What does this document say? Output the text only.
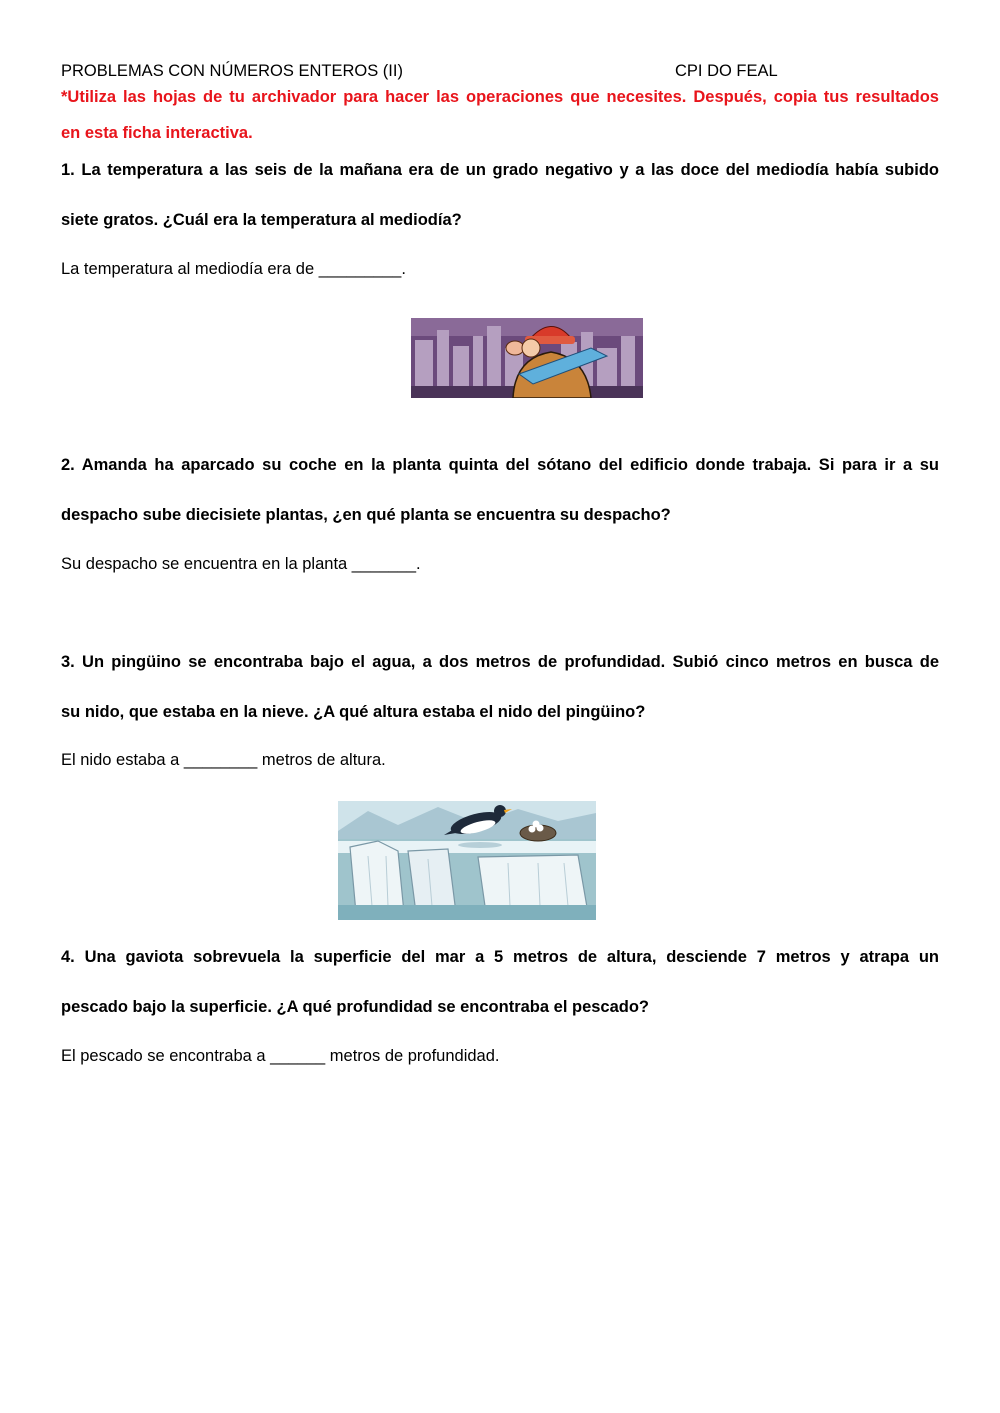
PROBLEMAS CON NÚMEROS ENTEROS (II)	CPI DO FEAL
*Utiliza las hojas de tu archivador para hacer las operaciones que necesites. Después, copia tus resultados
en esta ficha interactiva.
1. La temperatura a las seis de la mañana era de un grado negativo y a las doce del mediodía había subido
siete gratos. ¿Cuál era la temperatura al mediodía?
La temperatura al mediodía era de _________.
2. Amanda ha aparcado su coche en la planta quinta del sótano del edificio donde trabaja. Si para ir a su
despacho sube diecisiete plantas, ¿en qué planta se encuentra su despacho?
Su despacho se encuentra en la planta _______.
3. Un pingüino se encontraba bajo el agua, a dos metros de profundidad. Subió cinco metros en busca de
su nido, que estaba en la nieve. ¿A qué altura estaba el nido del pingüino?
El nido estaba a ________ metros de altura.
4. Una gaviota sobrevuela la superficie del mar a 5 metros de altura, desciende 7 metros y atrapa un
pescado bajo la superficie. ¿A qué profundidad se encontraba el pescado?
El pescado se encontraba a ______ metros de profundidad.
